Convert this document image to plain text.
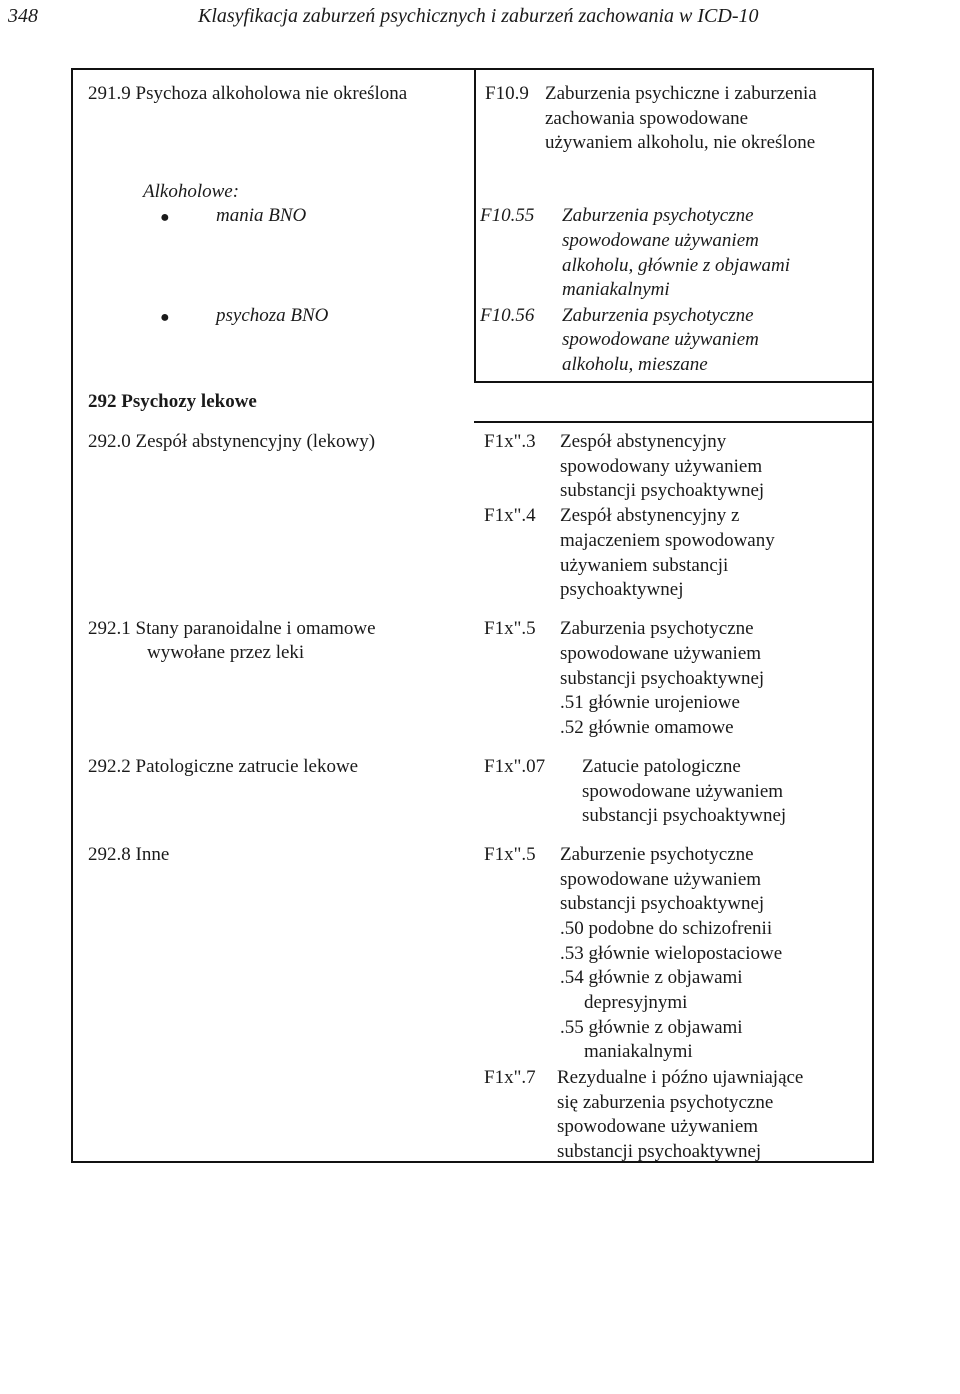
348	Klasyfikacja zaburzeń psychicznych i zaburzeń zachowania w ICD-10
291.9 Psychoza alkoholowa nie określona
Alkoholowe:
● mania BNO
● psychoza BNO
292 Psychozy lekowe
292.0 Zespół abstynencyjny (lekowy)
292.1 Stany paranoidalne i omamowe
wywołane przez leki
292.2 Patologiczne zatrucie lekowe
292.8 Inne
F10.9 Zaburzenia psychiczne i zaburzenia
zachowania spowodowane
używaniem alkoholu, nie określone
F10.55 Zaburzenia psychotyczne
spowodowane używaniem
alkoholu, głównie z objawami
maniakalnymi
F10.56 Zaburzenia psychotyczne
spowodowane używaniem
alkoholu, mieszane
F1x".3 Zespół abstynencyjny
spowodowany używaniem
substancji psychoaktywnej
F1x".4 Zespół abstynencyjny z
majaczeniem spowodowany
używaniem substancji
psychoaktywnej
F1x".5 Zaburzenia psychotyczne
spowodowane używaniem
substancji psychoaktywnej
.51 głównie urojeniowe
.52 głównie omamowe
F1x".07 Zatucie patologiczne
spowodowane używaniem
substancji psychoaktywnej
F1x".5 Zaburzenie psychotyczne
spowodowane używaniem
substancji psychoaktywnej
.50 podobne do schizofrenii
.53 głównie wielopostaciowe
.54 głównie z objawami
depresyjnymi
.55 głównie z objawami
maniakalnymi
F1x".7 Rezydualne i późno ujawniające
się zaburzenia psychotyczne
spowodowane używaniem
substancji psychoaktywnej
